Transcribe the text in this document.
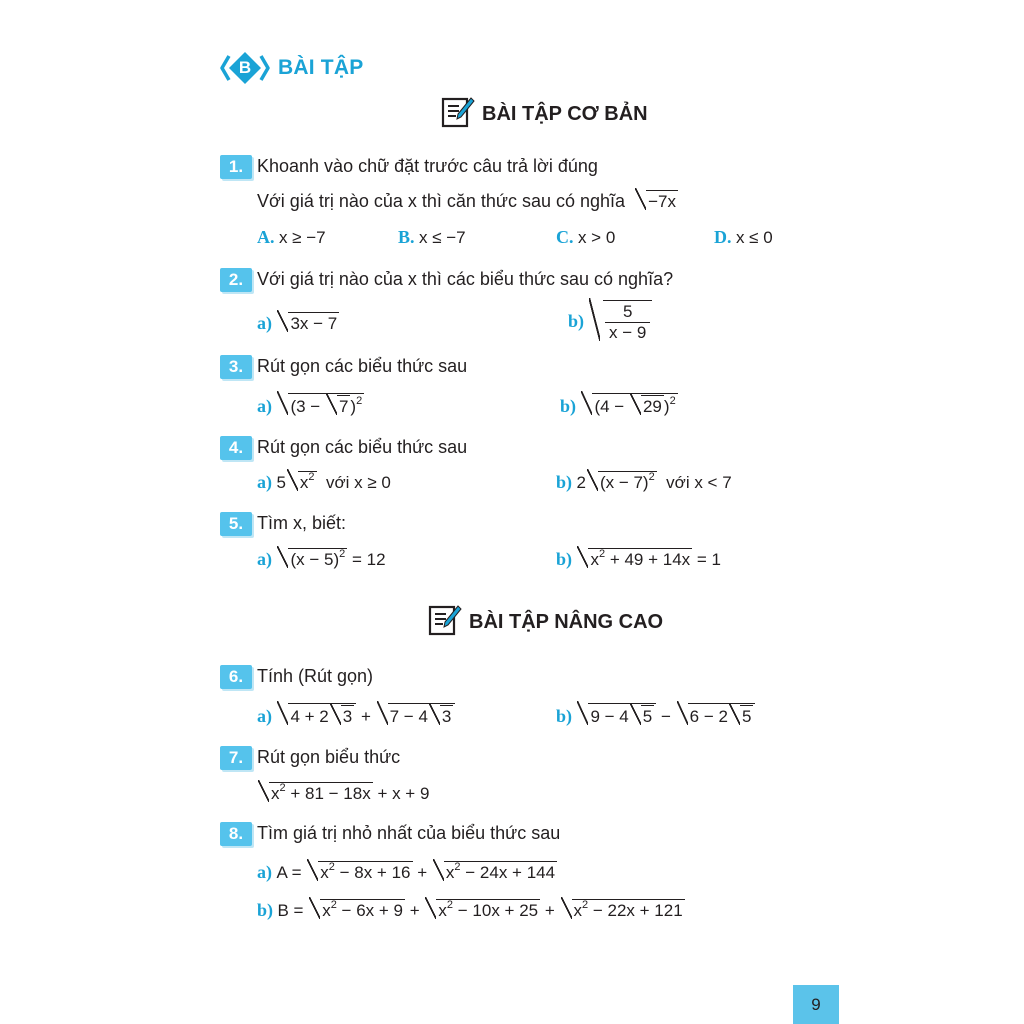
B	BÀI TẬP
BÀI TẬP CƠ BẢN
1. Khoanh vào chữ đặt trước câu trả lời đúng
Với giá trị nào của x thì căn thức sau có nghĩa −7x
A. x ≥ −7	B. x ≤ −7	C. x > 0	D. x ≤ 0
2. Với giá trị nào của x thì các biểu thức sau có nghĩa?
a) 3x − 7	$b) \frac{5}{x - 9}$
3. Rút gọn các biểu thức sau
a) (3 − 7 )$^2$	b) (4 − 29 )$^2$
4. Rút gọn các biểu thức sau
a) 5 $x^2$ với x ≥ 0	b) 2 $(x - 7)^2$ với x < 7
5. Tìm x, biết:
a) $(x - 5)^2 = 12$	b) $x^2 + 49 + 14x = 1$
BÀI TẬP NÂNG CAO
6. Tính (Rút gọn)
a) 4 + 2 3 + 7 − 4 3	b) 9 − 4 5 − 6 − 2 5
7. Rút gọn biểu thức
$x^2 + 81 - 18x + x + 9$
8. Tìm giá trị nhỏ nhất của biểu thức sau
a) $A = x^2 - 8x + 16 + x^2 - 24x + 144$
b) $B = x^2 - 6x + 9 + x^2 - 10x + 25 + x^2 - 22x + 121$
9
